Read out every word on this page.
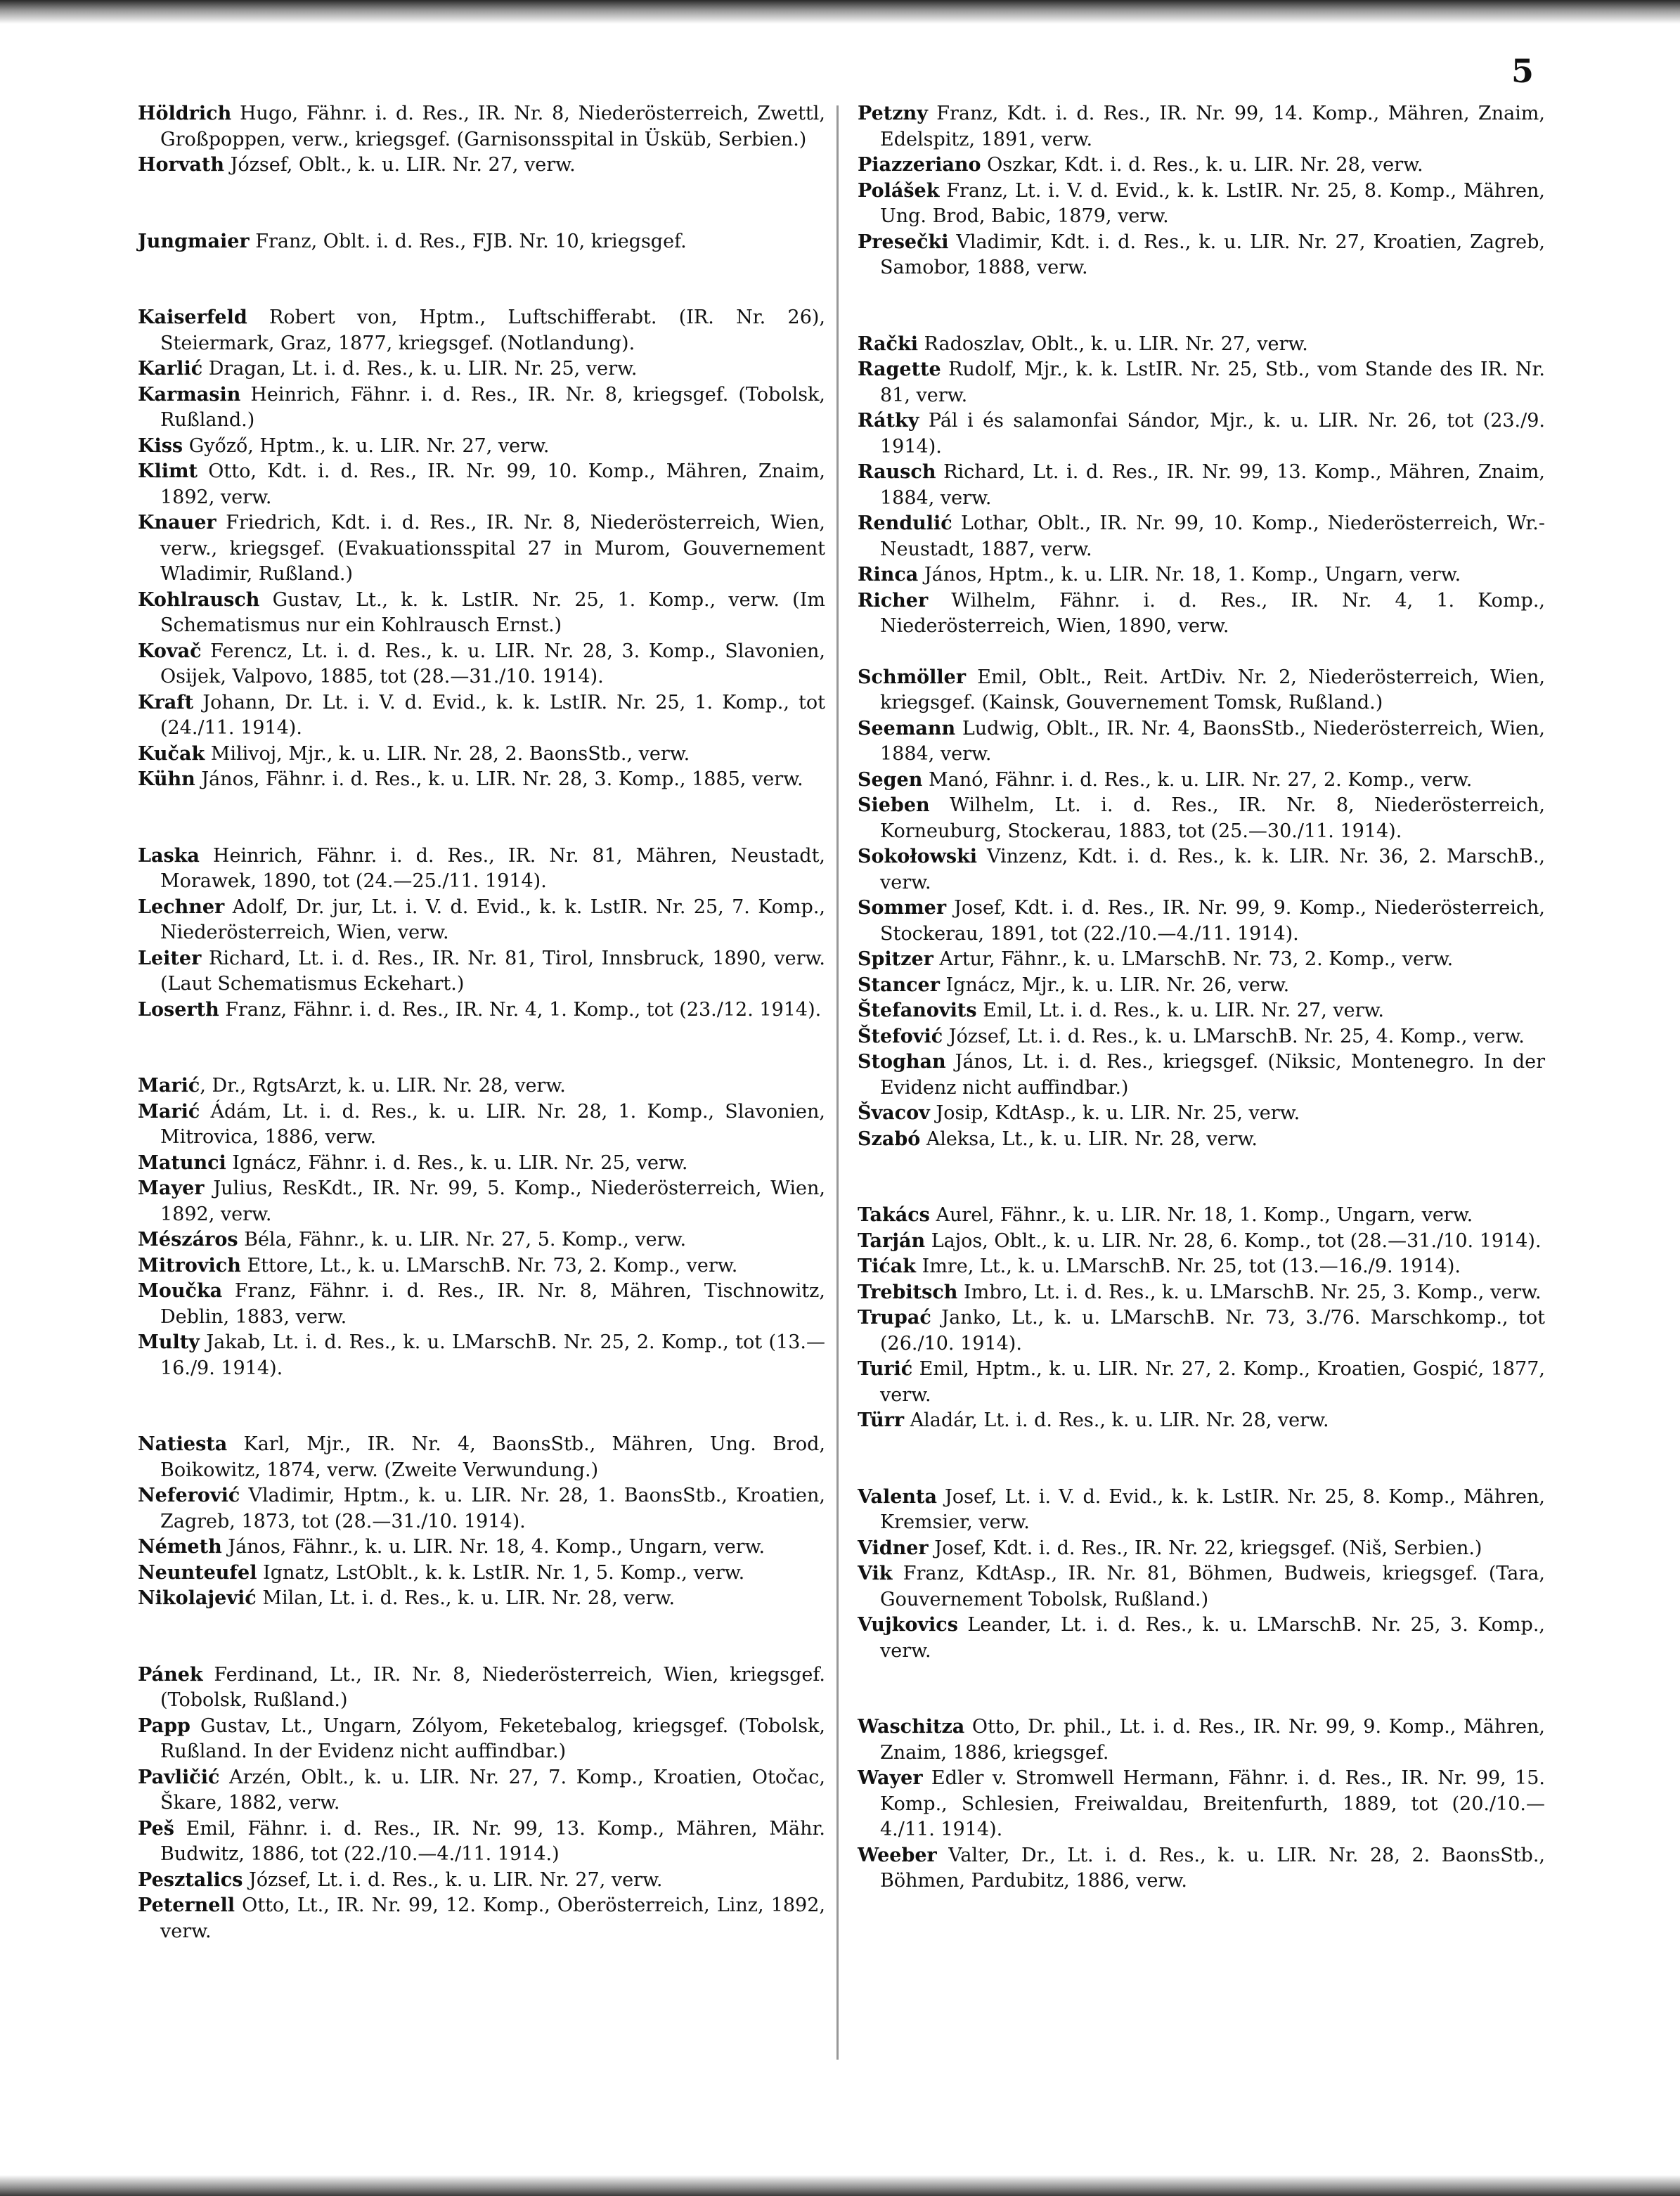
5

Höldrich Hugo, Fähnr. i. d. Res., IR. Nr. 8, Niederösterreich, Zwettl, Großpoppen, verw., kriegsgef. (Garnisonsspital in Üsküb, Serbien.)

Horvath József, Oblt., k. u. LIR. Nr. 27, verw.

Jungmaier Franz, Oblt. i. d. Res., FJB. Nr. 10, kriegsgef.

Kaiserfeld Robert von, Hptm., Luftschifferabt. (IR. Nr. 26), Steiermark, Graz, 1877, kriegsgef. (Notlandung).

Karlić Dragan, Lt. i. d. Res., k. u. LIR. Nr. 25, verw.

Karmasin Heinrich, Fähnr. i. d. Res., IR. Nr. 8, kriegsgef. (Tobolsk, Rußland.)

Kiss Győző, Hptm., k. u. LIR. Nr. 27, verw.

Klimt Otto, Kdt. i. d. Res., IR. Nr. 99, 10. Komp., Mähren, Znaim, 1892, verw.

Knauer Friedrich, Kdt. i. d. Res., IR. Nr. 8, Niederösterreich, Wien, verw., kriegsgef. (Evakuationsspital 27 in Murom, Gouvernement Wladimir, Rußland.)

Kohlrausch Gustav, Lt., k. k. LstIR. Nr. 25, 1. Komp., verw. (Im Schematismus nur ein Kohlrausch Ernst.)

Kovač Ferencz, Lt. i. d. Res., k. u. LIR. Nr. 28, 3. Komp., Slavonien, Osijek, Valpovo, 1885, tot (28.—31./10. 1914).

Kraft Johann, Dr. Lt. i. V. d. Evid., k. k. LstIR. Nr. 25, 1. Komp., tot (24./11. 1914).

Kučak Milivoj, Mjr., k. u. LIR. Nr. 28, 2. BaonsStb., verw.

Kühn János, Fähnr. i. d. Res., k. u. LIR. Nr. 28, 3. Komp., 1885, verw.

Laska Heinrich, Fähnr. i. d. Res., IR. Nr. 81, Mähren, Neustadt, Morawek, 1890, tot (24.—25./11. 1914).

Lechner Adolf, Dr. jur, Lt. i. V. d. Evid., k. k. LstIR. Nr. 25, 7. Komp., Niederösterreich, Wien, verw.

Leiter Richard, Lt. i. d. Res., IR. Nr. 81, Tirol, Innsbruck, 1890, verw. (Laut Schematismus Eckehart.)

Loserth Franz, Fähnr. i. d. Res., IR. Nr. 4, 1. Komp., tot (23./12. 1914).

Marić, Dr., RgtsArzt, k. u. LIR. Nr. 28, verw.

Marić Ádám, Lt. i. d. Res., k. u. LIR. Nr. 28, 1. Komp., Slavonien, Mitrovica, 1886, verw.

Matunci Ignácz, Fähnr. i. d. Res., k. u. LIR. Nr. 25, verw.

Mayer Julius, ResKdt., IR. Nr. 99, 5. Komp., Niederösterreich, Wien, 1892, verw.

Mészáros Béla, Fähnr., k. u. LIR. Nr. 27, 5. Komp., verw.

Mitrovich Ettore, Lt., k. u. LMarschB. Nr. 73, 2. Komp., verw.

Moučka Franz, Fähnr. i. d. Res., IR. Nr. 8, Mähren, Tischnowitz, Deblin, 1883, verw.

Multy Jakab, Lt. i. d. Res., k. u. LMarschB. Nr. 25, 2. Komp., tot (13.—16./9. 1914).

Natiesta Karl, Mjr., IR. Nr. 4, BaonsStb., Mähren, Ung. Brod, Boikowitz, 1874, verw. (Zweite Verwundung.)

Neferović Vladimir, Hptm., k. u. LIR. Nr. 28, 1. BaonsStb., Kroatien, Zagreb, 1873, tot (28.—31./10. 1914).

Németh János, Fähnr., k. u. LIR. Nr. 18, 4. Komp., Ungarn, verw.

Neunteufel Ignatz, LstOblt., k. k. LstIR. Nr. 1, 5. Komp., verw.

Nikolajević Milan, Lt. i. d. Res., k. u. LIR. Nr. 28, verw.

Pánek Ferdinand, Lt., IR. Nr. 8, Niederösterreich, Wien, kriegsgef. (Tobolsk, Rußland.)

Papp Gustav, Lt., Ungarn, Zólyom, Feketebalog, kriegsgef. (Tobolsk, Rußland. In der Evidenz nicht auffindbar.)

Pavličić Arzén, Oblt., k. u. LIR. Nr. 27, 7. Komp., Kroatien, Otočac, Škare, 1882, verw.

Peš Emil, Fähnr. i. d. Res., IR. Nr. 99, 13. Komp., Mähren, Mähr. Budwitz, 1886, tot (22./10.—4./11. 1914.)

Pesztalics József, Lt. i. d. Res., k. u. LIR. Nr. 27, verw.

Peternell Otto, Lt., IR. Nr. 99, 12. Komp., Oberösterreich, Linz, 1892, verw.

Petzny Franz, Kdt. i. d. Res., IR. Nr. 99, 14. Komp., Mähren, Znaim, Edelspitz, 1891, verw.

Piazzeriano Oszkar, Kdt. i. d. Res., k. u. LIR. Nr. 28, verw.

Polášek Franz, Lt. i. V. d. Evid., k. k. LstIR. Nr. 25, 8. Komp., Mähren, Ung. Brod, Babic, 1879, verw.

Presečki Vladimir, Kdt. i. d. Res., k. u. LIR. Nr. 27, Kroatien, Zagreb, Samobor, 1888, verw.

Rački Radoszlav, Oblt., k. u. LIR. Nr. 27, verw.

Ragette Rudolf, Mjr., k. k. LstIR. Nr. 25, Stb., vom Stande des IR. Nr. 81, verw.

Rátky Pál i és salamonfai Sándor, Mjr., k. u. LIR. Nr. 26, tot (23./9. 1914).

Rausch Richard, Lt. i. d. Res., IR. Nr. 99, 13. Komp., Mähren, Znaim, 1884, verw.

Rendulić Lothar, Oblt., IR. Nr. 99, 10. Komp., Niederösterreich, Wr.-Neustadt, 1887, verw.

Rinca János, Hptm., k. u. LIR. Nr. 18, 1. Komp., Ungarn, verw.

Richer Wilhelm, Fähnr. i. d. Res., IR. Nr. 4, 1. Komp., Niederösterreich, Wien, 1890, verw.

Schmöller Emil, Oblt., Reit. ArtDiv. Nr. 2, Niederösterreich, Wien, kriegsgef. (Kainsk, Gouvernement Tomsk, Rußland.)

Seemann Ludwig, Oblt., IR. Nr. 4, BaonsStb., Niederösterreich, Wien, 1884, verw.

Segen Manó, Fähnr. i. d. Res., k. u. LIR. Nr. 27, 2. Komp., verw.

Sieben Wilhelm, Lt. i. d. Res., IR. Nr. 8, Niederösterreich, Korneuburg, Stockerau, 1883, tot (25.—30./11. 1914).

Sokołowski Vinzenz, Kdt. i. d. Res., k. k. LIR. Nr. 36, 2. MarschB., verw.

Sommer Josef, Kdt. i. d. Res., IR. Nr. 99, 9. Komp., Niederösterreich, Stockerau, 1891, tot (22./10.—4./11. 1914).

Spitzer Artur, Fähnr., k. u. LMarschB. Nr. 73, 2. Komp., verw.

Stancer Ignácz, Mjr., k. u. LIR. Nr. 26, verw.

Štefanovits Emil, Lt. i. d. Res., k. u. LIR. Nr. 27, verw.

Štefović József, Lt. i. d. Res., k. u. LMarschB. Nr. 25, 4. Komp., verw.

Stoghan János, Lt. i. d. Res., kriegsgef. (Niksic, Montenegro. In der Evidenz nicht auffindbar.)

Švacov Josip, KdtAsp., k. u. LIR. Nr. 25, verw.

Szabó Aleksa, Lt., k. u. LIR. Nr. 28, verw.

Takács Aurel, Fähnr., k. u. LIR. Nr. 18, 1. Komp., Ungarn, verw.

Tarján Lajos, Oblt., k. u. LIR. Nr. 28, 6. Komp., tot (28.—31./10. 1914).

Tićak Imre, Lt., k. u. LMarschB. Nr. 25, tot (13.—16./9. 1914).

Trebitsch Imbro, Lt. i. d. Res., k. u. LMarschB. Nr. 25, 3. Komp., verw.

Trupać Janko, Lt., k. u. LMarschB. Nr. 73, 3./76. Marschkomp., tot (26./10. 1914).

Turić Emil, Hptm., k. u. LIR. Nr. 27, 2. Komp., Kroatien, Gospić, 1877, verw.

Türr Aladár, Lt. i. d. Res., k. u. LIR. Nr. 28, verw.

Valenta Josef, Lt. i. V. d. Evid., k. k. LstIR. Nr. 25, 8. Komp., Mähren, Kremsier, verw.

Vidner Josef, Kdt. i. d. Res., IR. Nr. 22, kriegsgef. (Niš, Serbien.)

Vik Franz, KdtAsp., IR. Nr. 81, Böhmen, Budweis, kriegsgef. (Tara, Gouvernement Tobolsk, Rußland.)

Vujkovics Leander, Lt. i. d. Res., k. u. LMarschB. Nr. 25, 3. Komp., verw.

Waschitza Otto, Dr. phil., Lt. i. d. Res., IR. Nr. 99, 9. Komp., Mähren, Znaim, 1886, kriegsgef.

Wayer Edler v. Stromwell Hermann, Fähnr. i. d. Res., IR. Nr. 99, 15. Komp., Schlesien, Freiwaldau, Breitenfurth, 1889, tot (20./10.—4./11. 1914).

Weeber Valter, Dr., Lt. i. d. Res., k. u. LIR. Nr. 28, 2. BaonsStb., Böhmen, Pardubitz, 1886, verw.
